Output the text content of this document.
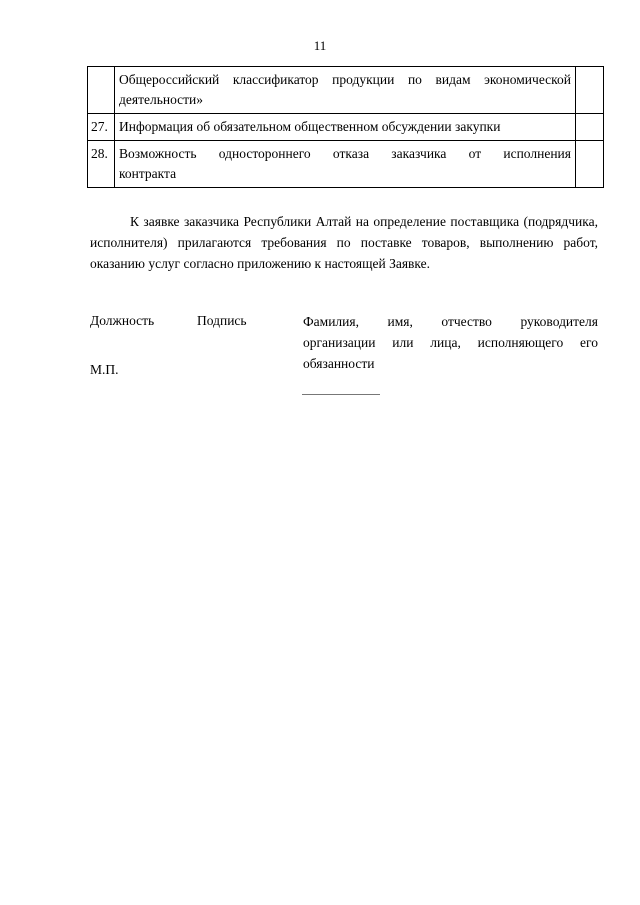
11

	Общероссийский классификатор продукции по видам экономической
деятельности»	

27.	Информация об обязательном общественном обсуждении закупки	

28.	Возможность одностороннего отказа заказчика от исполнения
контракта	

К заявке заказчика Республики Алтай на определение поставщика (подрядчика, исполнителя) прилагаются требования по поставке товаров, выполнению работ, оказанию услуг согласно приложению к настоящей Заявке.
Должность	Подпись	Фамилия, имя, отчество руководителя организации или лица, исполняющего его обязанности
М.П.
